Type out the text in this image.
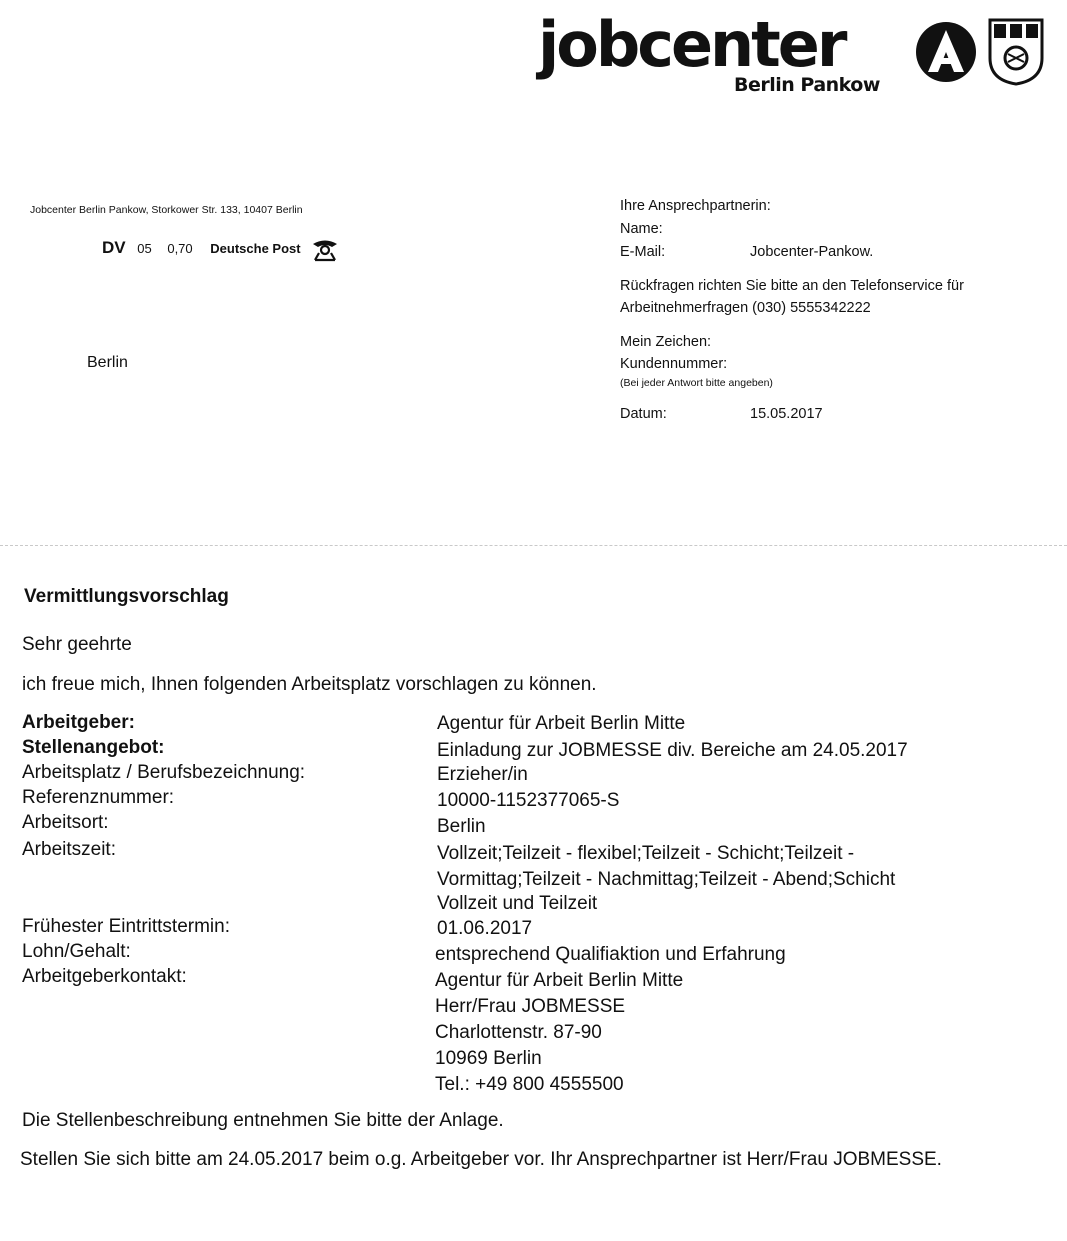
jobcenter
Berlin Pankow
Jobcenter Berlin Pankow, Storkower Str. 133, 10407 Berlin
DV 05 0,70 Deutsche Post
Berlin
Ihre Ansprechpartnerin:
Name:
E-Mail:	Jobcenter-Pankow.
Rückfragen richten Sie bitte an den Telefonservice für
Arbeitnehmerfragen (030) 5555342222
Mein Zeichen:
Kundennummer:
(Bei jeder Antwort bitte angeben)
Datum:	15.05.2017
Vermittlungsvorschlag
Sehr geehrte
ich freue mich, Ihnen folgenden Arbeitsplatz vorschlagen zu können.
Arbeitgeber:	Agentur für Arbeit Berlin Mitte
Stellenangebot:	Einladung zur JOBMESSE div. Bereiche am 24.05.2017
Arbeitsplatz / Berufsbezeichnung:	Erzieher/in
Referenznummer:	10000-1152377065-S
Arbeitsort:	Berlin
Arbeitszeit:	Vollzeit;Teilzeit - flexibel;Teilzeit - Schicht;Teilzeit -
Vormittag;Teilzeit - Nachmittag;Teilzeit - Abend;Schicht
Vollzeit und Teilzeit
Frühester Eintrittstermin:	01.06.2017
Lohn/Gehalt:	entsprechend Qualifiaktion und Erfahrung
Arbeitgeberkontakt:	Agentur für Arbeit Berlin Mitte
Herr/Frau JOBMESSE
Charlottenstr. 87-90
10969 Berlin
Tel.: +49 800 4555500
Die Stellenbeschreibung entnehmen Sie bitte der Anlage.
Stellen Sie sich bitte am 24.05.2017 beim o.g. Arbeitgeber vor. Ihr Ansprechpartner ist Herr/Frau JOBMESSE.
